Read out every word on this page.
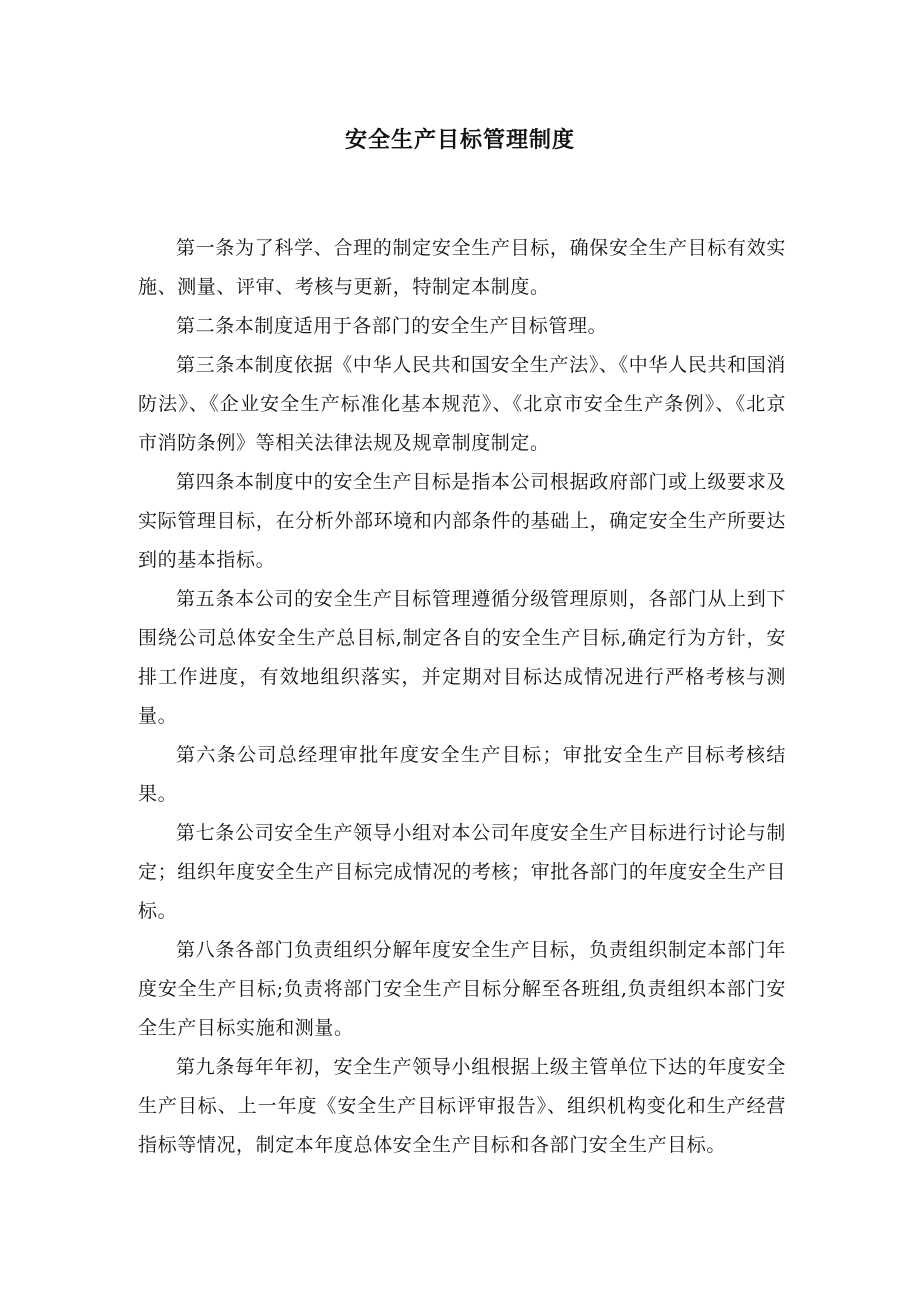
安全生产目标管理制度

第一条为了科学、合理的制定安全生产目标，确保安全生产目标有效实施、测量、评审、考核与更新，特制定本制度。

第二条本制度适用于各部门的安全生产目标管理。

第三条本制度依据《中华人民共和国安全生产法》、《中华人民共和国消防法》、《企业安全生产标准化基本规范》、《北京市安全生产条例》、《北京市消防条例》等相关法律法规及规章制度制定。

第四条本制度中的安全生产目标是指本公司根据政府部门或上级要求及实际管理目标，在分析外部环境和内部条件的基础上，确定安全生产所要达到的基本指标。

第五条本公司的安全生产目标管理遵循分级管理原则，各部门从上到下围绕公司总体安全生产总目标,制定各自的安全生产目标,确定行为方针，安排工作进度，有效地组织落实，并定期对目标达成情况进行严格考核与测量。

第六条公司总经理审批年度安全生产目标；审批安全生产目标考核结果。

第七条公司安全生产领导小组对本公司年度安全生产目标进行讨论与制定；组织年度安全生产目标完成情况的考核；审批各部门的年度安全生产目标。

第八条各部门负责组织分解年度安全生产目标，负责组织制定本部门年度安全生产目标;负责将部门安全生产目标分解至各班组,负责组织本部门安全生产目标实施和测量。

第九条每年年初，安全生产领导小组根据上级主管单位下达的年度安全生产目标、上一年度《安全生产目标评审报告》、组织机构变化和生产经营指标等情况，制定本年度总体安全生产目标和各部门安全生产目标。
